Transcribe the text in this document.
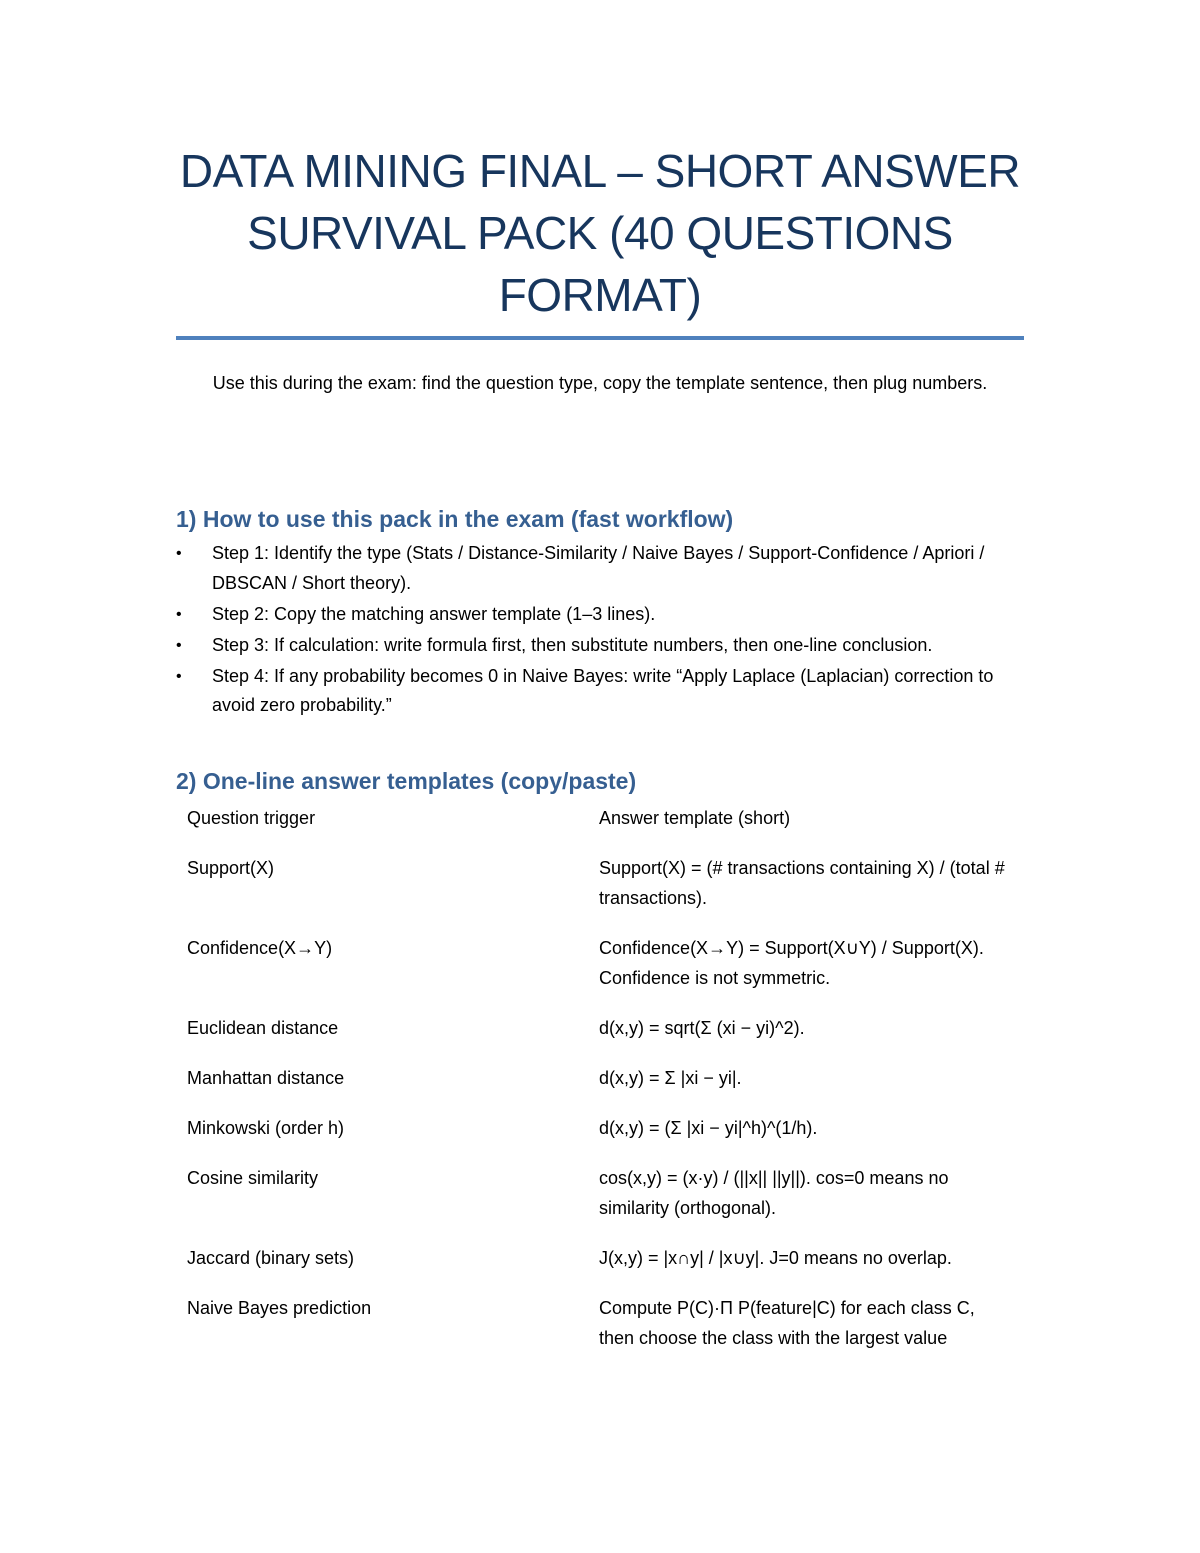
DATA MINING FINAL – SHORT ANSWER SURVIVAL PACK (40 QUESTIONS FORMAT)

Use this during the exam: find the question type, copy the template sentence, then plug numbers.

1) How to use this pack in the exam (fast workflow)
• Step 1: Identify the type (Stats / Distance-Similarity / Naive Bayes / Support-Confidence / Apriori / DBSCAN / Short theory).
• Step 2: Copy the matching answer template (1–3 lines).
• Step 3: If calculation: write formula first, then substitute numbers, then one-line conclusion.
• Step 4: If any probability becomes 0 in Naive Bayes: write “Apply Laplace (Laplacian) correction to avoid zero probability.”
2) One-line answer templates (copy/paste)
Question trigger	Answer template (short)
Support(X)	Support(X) = (# transactions containing X) / (total # transactions).
Confidence(X→Y)	Confidence(X→Y) = Support(X∪Y) / Support(X). Confidence is not symmetric.
Euclidean distance	d(x,y) = sqrt(Σ (xi − yi)^2).
Manhattan distance	d(x,y) = Σ |xi − yi|.
Minkowski (order h)	d(x,y) = (Σ |xi − yi|^h)^(1/h).
Cosine similarity	cos(x,y) = (x·y) / (||x|| ||y||). cos=0 means no similarity (orthogonal).
Jaccard (binary sets)	J(x,y) = |x∩y| / |x∪y|. J=0 means no overlap.
Naive Bayes prediction	Compute P(C)·Π P(feature|C) for each class C, then choose the class with the largest value
